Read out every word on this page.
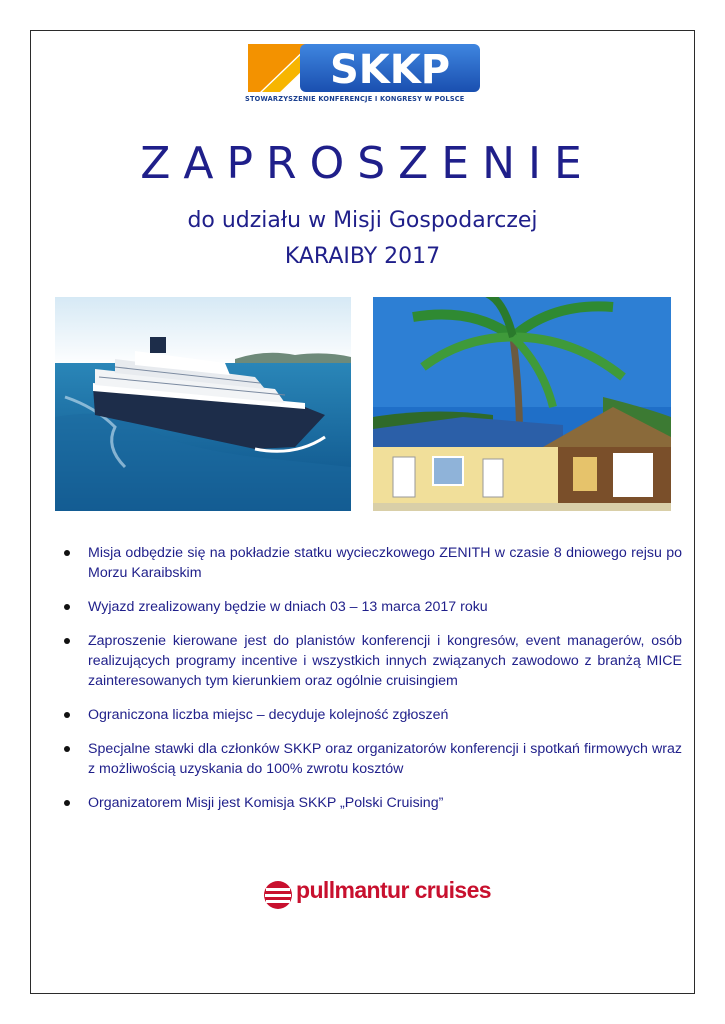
SKKP
STOWARZYSZENIE KONFERENCJE I KONGRESY W POLSCE
ZAPROSZENIE
do udziału w Misji Gospodarczej
KARAIBY 2017
Misja odbędzie się na pokładzie statku wycieczkowego ZENITH w czasie 8 dniowego rejsu po Morzu Karaibskim
Wyjazd zrealizowany będzie w dniach 03 – 13 marca 2017 roku
Zaproszenie kierowane jest do planistów konferencji i kongresów, event managerów, osób realizujących programy incentive i wszystkich innych związanych zawodowo z branżą MICE zainteresowanych tym kierunkiem oraz ogólnie cruisingiem
Ograniczona liczba miejsc – decyduje kolejność zgłoszeń
Specjalne stawki dla członków SKKP oraz organizatorów konferencji i spotkań firmowych wraz z możliwością uzyskania do 100% zwrotu kosztów
Organizatorem Misji jest Komisja SKKP „Polski Cruising”
pullmantur cruises
